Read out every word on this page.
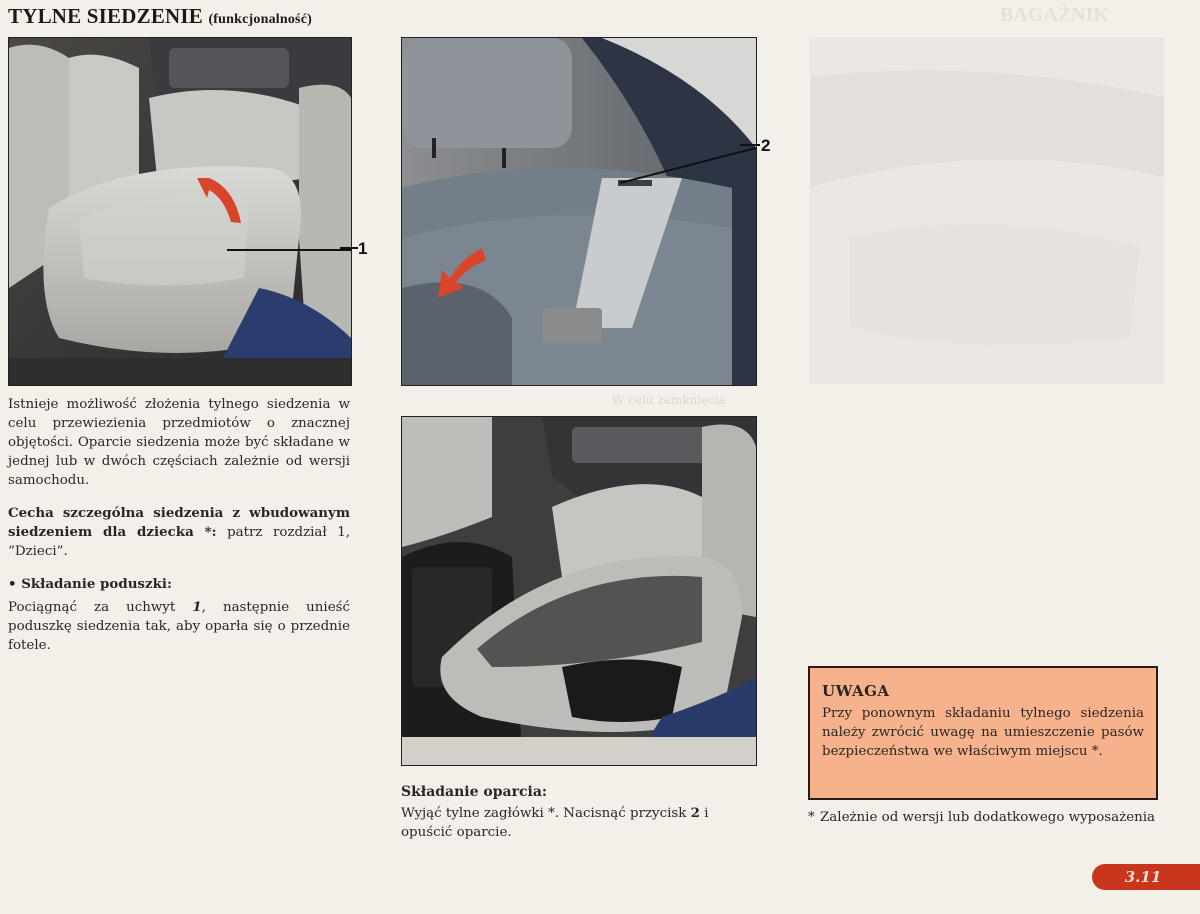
TYLNE SIEDZENIE (funkcjonalność)	BAGAŻNIK
1
2

Istnieje możliwość złożenia tylnego siedzenia w celu przewiezienia przedmiotów o znacznej objętości. Oparcie siedzenia może być składane w jednej lub w dwóch częściach zależnie od wersji samochodu.

Cecha szczególna siedzenia z wbudowanym siedzeniem dla dziecka *: patrz rozdział 1, “Dzieci”.

• Składanie poduszki:

Pociągnąć za uchwyt 1, następnie unieść poduszkę siedzenia tak, aby oparła się o przednie fotele.

W celu zamknięcia
Składanie oparcia:
Wyjąć tylne zagłówki *. Nacisnąć przycisk 2 i opuścić oparcie.
UWAGA
Przy ponownym składaniu tylnego siedzenia należy zwrócić uwagę na umieszczenie pasów bezpieczeństwa we właściwym miejscu *.
* Zależnie od wersji lub dodatkowego wyposażenia
3.11
